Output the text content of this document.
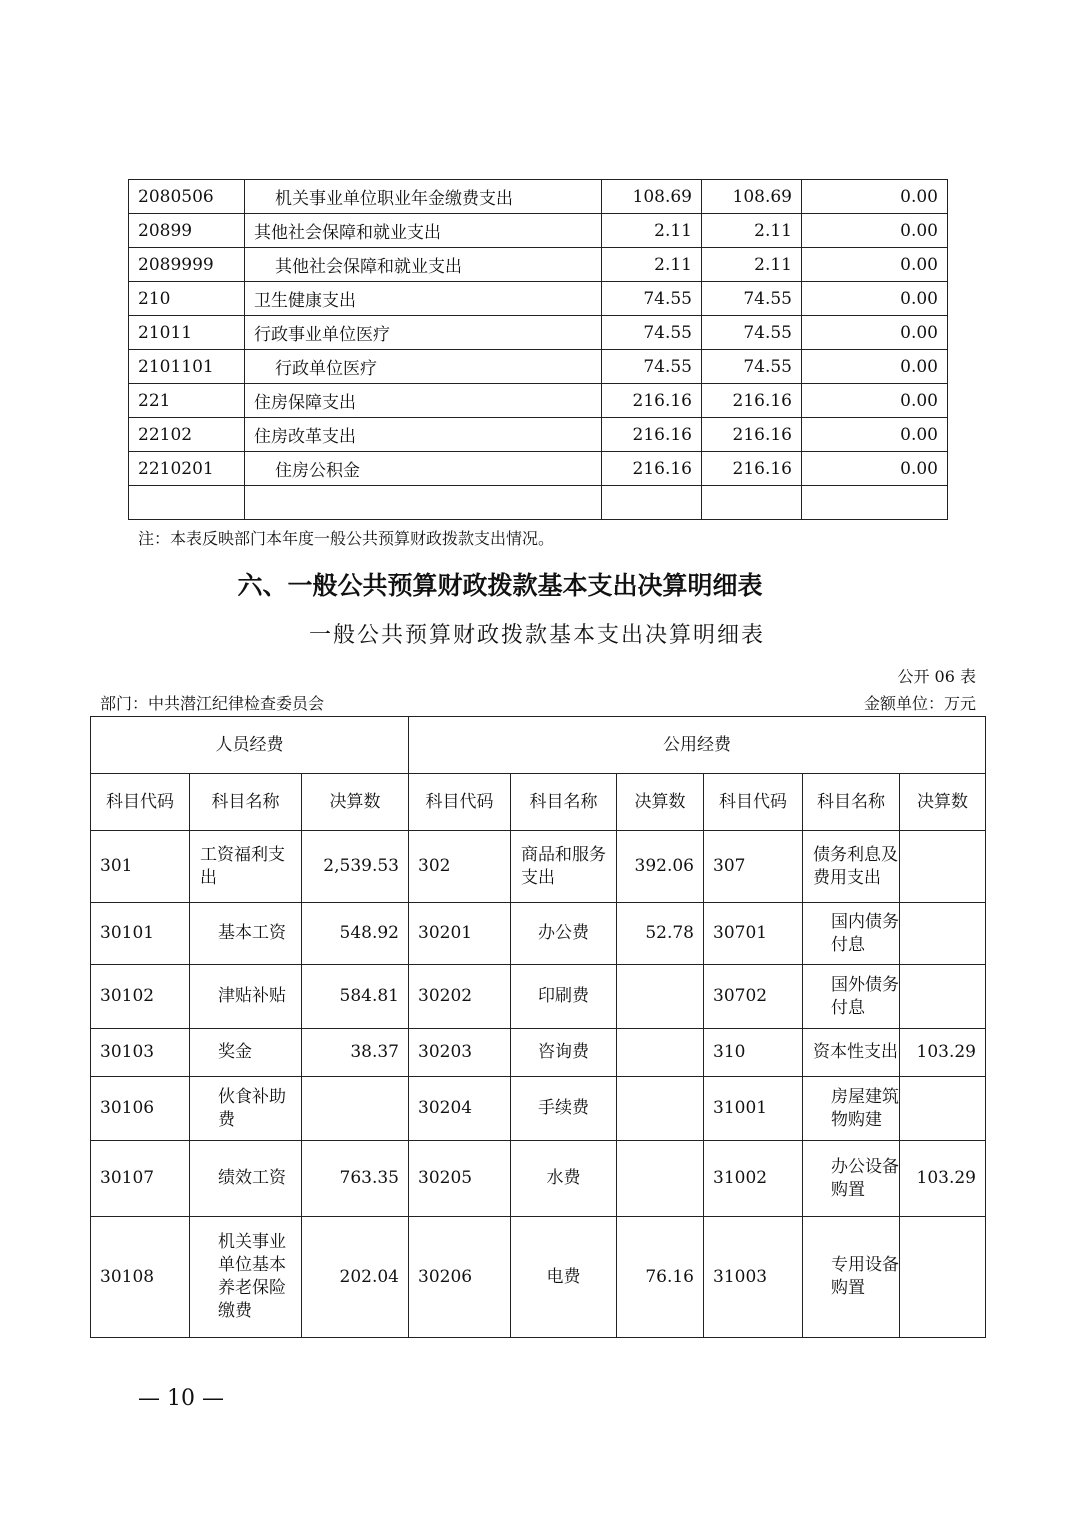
2080506	机关事业单位职业年金缴费支出	108.69	108.69	0.00
20899	其他社会保障和就业支出	2.11	2.11	0.00
2089999	其他社会保障和就业支出	2.11	2.11	0.00
210	卫生健康支出	74.55	74.55	0.00
21011	行政事业单位医疗	74.55	74.55	0.00
2101101	行政单位医疗	74.55	74.55	0.00
221	住房保障支出	216.16	216.16	0.00
22102	住房改革支出	216.16	216.16	0.00
2210201	住房公积金	216.16	216.16	0.00

注：本表反映部门本年度一般公共预算财政拨款支出情况。
六、一般公共预算财政拨款基本支出决算明细表
一般公共预算财政拨款基本支出决算明细表
公开 06 表
部门：中共潜江纪律检查委员会	金额单位：万元
人员经费			公用经费					
科目代码	科目名称	决算数	科目代码	科目名称	决算数	科目代码	科目名称	决算数
301	工资福利支出	2,539.53	302	商品和服务支出	392.06	307	债务利息及费用支出	
30101	基本工资	548.92	30201	办公费	52.78	30701	国内债务付息	
30102	津贴补贴	584.81	30202	印刷费		30702	国外债务付息	
30103	奖金	38.37	30203	咨询费		310	资本性支出	103.29
30106	伙食补助费		30204	手续费		31001	房屋建筑物购建	
30107	绩效工资	763.35	30205	水费		31002	办公设备购置	103.29
30108	机关事业单位基本养老保险缴费	202.04	30206	电费	76.16	31003	专用设备购置	
— 10 —
